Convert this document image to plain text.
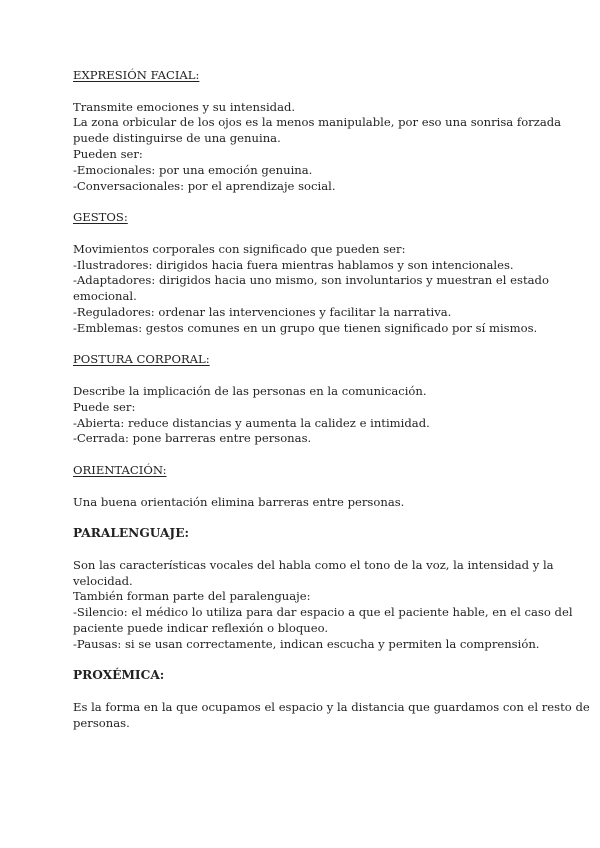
EXPRESIÓN FACIAL:
Transmite emociones y su intensidad.
La zona orbicular de los ojos es la menos manipulable, por eso una sonrisa forzada
puede distinguirse de una genuina.
Pueden ser:
-Emocionales: por una emoción genuina.
-Conversacionales: por el aprendizaje social.
GESTOS:
Movimientos corporales con significado que pueden ser:
-Ilustradores: dirigidos hacia fuera mientras hablamos y son intencionales.
-Adaptadores: dirigidos hacia uno mismo, son involuntarios y muestran el estado
emocional.
-Reguladores: ordenar las intervenciones y facilitar la narrativa.
-Emblemas: gestos comunes en un grupo que tienen significado por sí mismos.
POSTURA CORPORAL:
Describe la implicación de las personas en la comunicación.
Puede ser:
-Abierta: reduce distancias y aumenta la calidez e intimidad.
-Cerrada: pone barreras entre personas.
ORIENTACIÓN:
Una buena orientación elimina barreras entre personas.
PARALENGUAJE:
Son las características vocales del habla como el tono de la voz, la intensidad y la
velocidad.
También forman parte del paralenguaje:
-Silencio: el médico lo utiliza para dar espacio a que el paciente hable, en el caso del
paciente puede indicar reflexión o bloqueo.
-Pausas: si se usan correctamente, indican escucha y permiten la comprensión.
PROXÉMICA:
Es la forma en la que ocupamos el espacio y la distancia que guardamos con el resto de
personas.
